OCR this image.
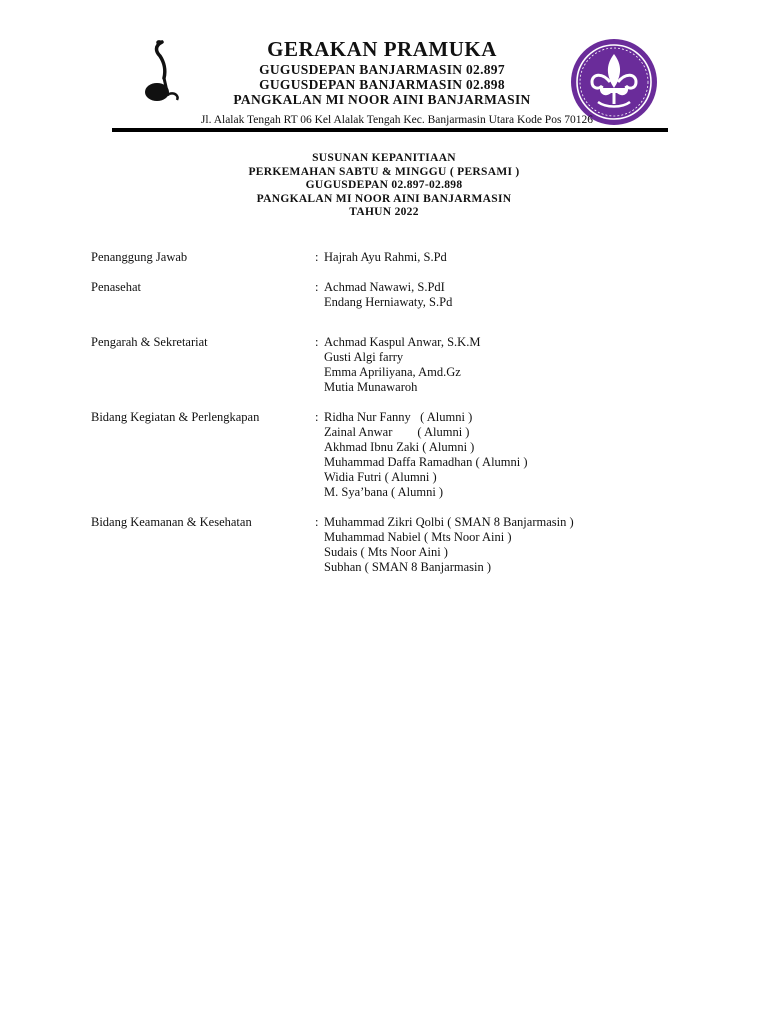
GERAKAN PRAMUKA
GUGUSDEPAN BANJARMASIN 02.897
GUGUSDEPAN BANJARMASIN 02.898
PANGKALAN MI NOOR AINI BANJARMASIN
Jl. Alalak Tengah RT 06 Kel Alalak Tengah Kec. Banjarmasin Utara Kode Pos 70126
SUSUNAN KEPANITIAAN
PERKEMAHAN SABTU & MINGGU ( PERSAMI )
GUGUSDEPAN 02.897-02.898
PANGKALAN MI NOOR AINI BANJARMASIN
TAHUN 2022
Penanggung Jawab	: Hajrah Ayu Rahmi, S.Pd
Penasehat	: Achmad Nawawi, S.PdI
Endang Herniawaty, S.Pd
Pengarah & Sekretariat	: Achmad Kaspul Anwar, S.K.M
Gusti Algi farry
Emma Apriliyana, Amd.Gz
Mutia Munawaroh
Bidang Kegiatan & Perlengkapan	: Ridha Nur Fanny   ( Alumni )
Zainal Anwar        ( Alumni )
Akhmad Ibnu Zaki ( Alumni )
Muhammad Daffa Ramadhan ( Alumni )
Widia Futri ( Alumni )
M. Sya’bana ( Alumni )
Bidang Keamanan & Kesehatan	: Muhammad Zikri Qolbi ( SMAN 8 Banjarmasin )
Muhammad Nabiel ( Mts Noor Aini )
Sudais ( Mts Noor Aini )
Subhan ( SMAN 8 Banjarmasin )
